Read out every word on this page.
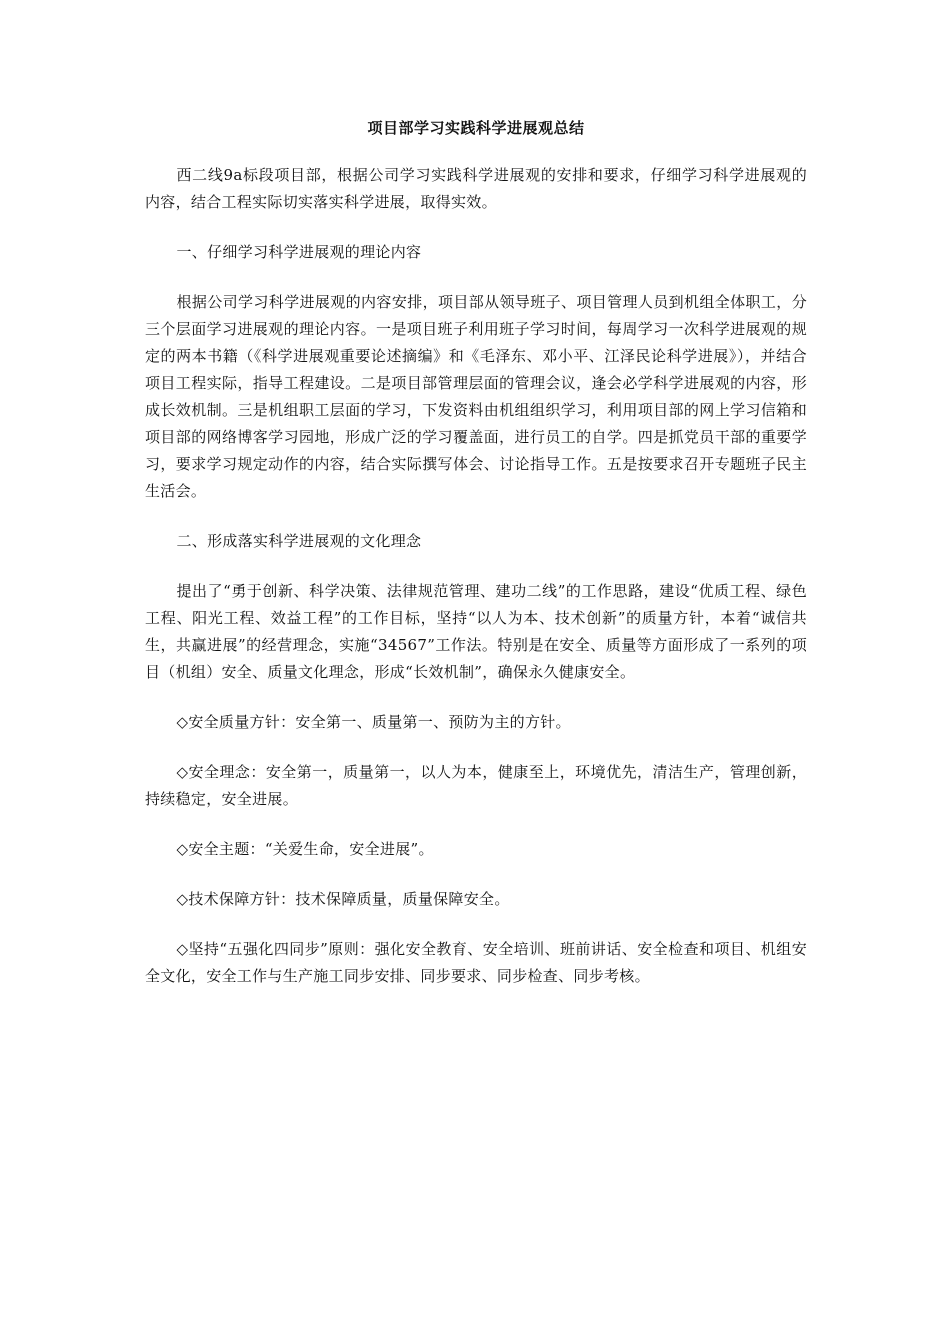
项目部学习实践科学进展观总结

西二线9a标段项目部，根据公司学习实践科学进展观的安排和要求，仔细学习科学进展观的内容，结合工程实际切实落实科学进展，取得实效。

一、仔细学习科学进展观的理论内容

根据公司学习科学进展观的内容安排，项目部从领导班子、项目管理人员到机组全体职工，分三个层面学习进展观的理论内容。一是项目班子利用班子学习时间，每周学习一次科学进展观的规定的两本书籍（《科学进展观重要论述摘编》和《毛泽东、邓小平、江泽民论科学进展》），并结合项目工程实际，指导工程建设。二是项目部管理层面的管理会议，逢会必学科学进展观的内容，形成长效机制。三是机组职工层面的学习，下发资料由机组组织学习，利用项目部的网上学习信箱和项目部的网络博客学习园地，形成广泛的学习覆盖面，进行员工的自学。四是抓党员干部的重要学习，要求学习规定动作的内容，结合实际撰写体会、讨论指导工作。五是按要求召开专题班子民主生活会。

二、形成落实科学进展观的文化理念

提出了“勇于创新、科学决策、法律规范管理、建功二线”的工作思路，建设“优质工程、绿色工程、阳光工程、效益工程”的工作目标，坚持“以人为本、技术创新”的质量方针，本着“诚信共生，共赢进展”的经营理念，实施“34567”工作法。特别是在安全、质量等方面形成了一系列的项目（机组）安全、质量文化理念，形成“长效机制”，确保永久健康安全。

◇安全质量方针：安全第一、质量第一、预防为主的方针。

◇安全理念：安全第一，质量第一，以人为本，健康至上，环境优先，清洁生产，管理创新，持续稳定，安全进展。

◇安全主题：“关爱生命，安全进展”。

◇技术保障方针：技术保障质量，质量保障安全。

◇坚持“五强化四同步”原则：强化安全教育、安全培训、班前讲话、安全检查和项目、机组安全文化，安全工作与生产施工同步安排、同步要求、同步检查、同步考核。
